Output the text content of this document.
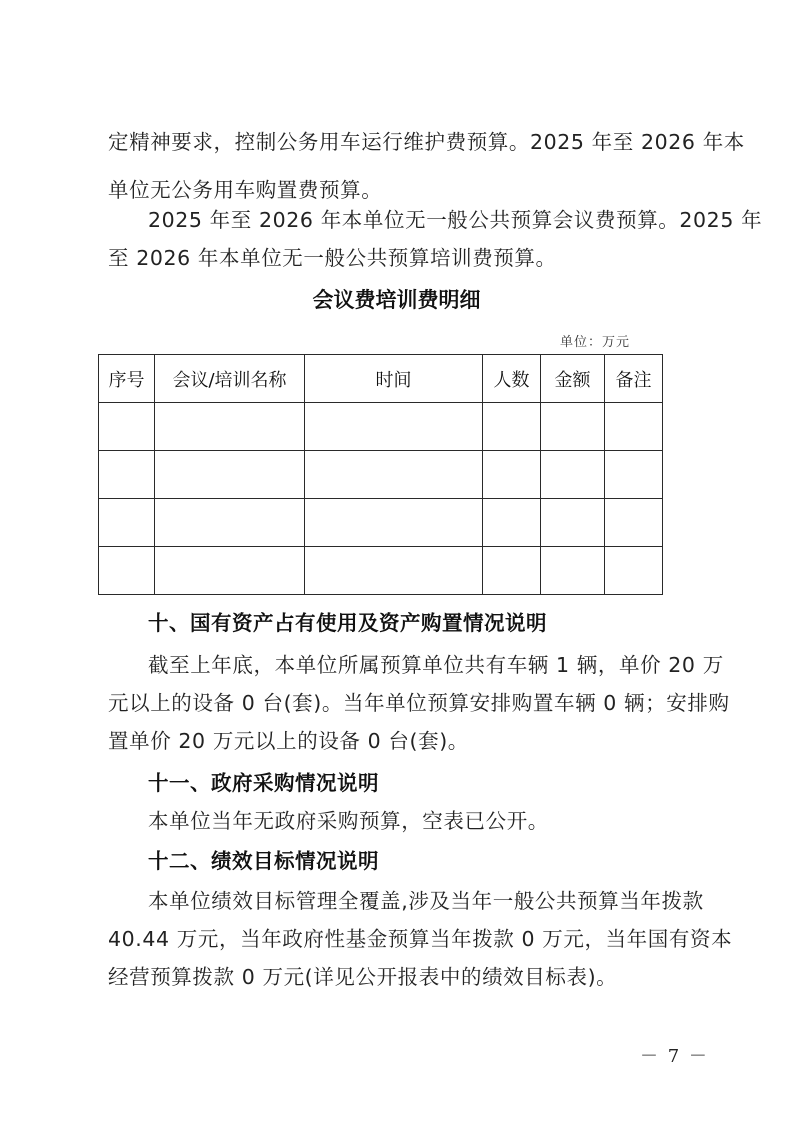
定精神要求，控制公务用车运行维护费预算。2025 年至 2026 年本
单位无公务用车购置费预算。
2025 年至 2026 年本单位无一般公共预算会议费预算。2025 年
至 2026 年本单位无一般公共预算培训费预算。
会议费培训费明细
单位：万元
序号	会议/培训名称	时间	人数	金额	备注

十、国有资产占有使用及资产购置情况说明
截至上年底，本单位所属预算单位共有车辆 1 辆，单价 20 万
元以上的设备 0 台(套)。当年单位预算安排购置车辆 0 辆；安排购
置单价 20 万元以上的设备 0 台(套)。
十一、政府采购情况说明
本单位当年无政府采购预算，空表已公开。
十二、绩效目标情况说明
本单位绩效目标管理全覆盖,涉及当年一般公共预算当年拨款
40.44 万元，当年政府性基金预算当年拨款 0 万元，当年国有资本
经营预算拨款 0 万元(详见公开报表中的绩效目标表)。
－ 7 －
